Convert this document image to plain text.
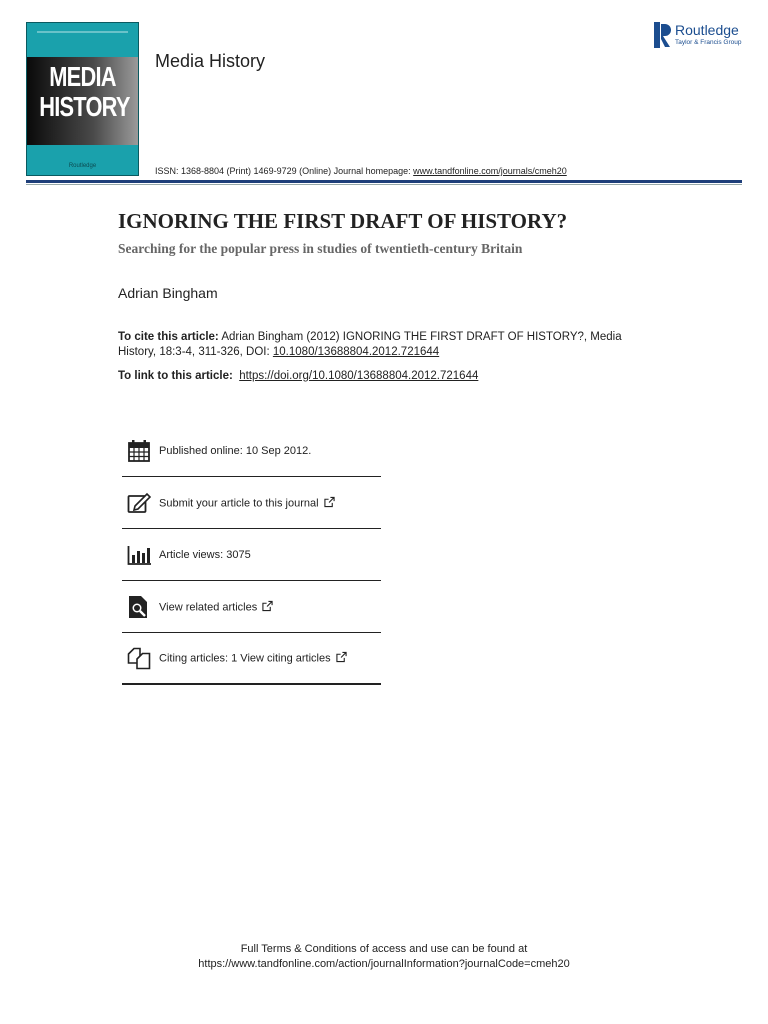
MEDIA
HISTORY
Routledge
Media History
Routledge
Taylor & Francis Group
ISSN: 1368-8804 (Print) 1469-9729 (Online) Journal homepage: www.tandfonline.com/journals/cmeh20
IGNORING THE FIRST DRAFT OF HISTORY?
Searching for the popular press in studies of twentieth-century Britain
Adrian Bingham
To cite this article: Adrian Bingham (2012) IGNORING THE FIRST DRAFT OF HISTORY?, Media History, 18:3-4, 311-326, DOI: 10.1080/13688804.2012.721644
To link to this article: https://doi.org/10.1080/13688804.2012.721644
Published online: 10 Sep 2012.
Submit your article to this journal
Article views: 3075
View related articles
Citing articles: 1 View citing articles
Full Terms & Conditions of access and use can be found at
https://www.tandfonline.com/action/journalInformation?journalCode=cmeh20
